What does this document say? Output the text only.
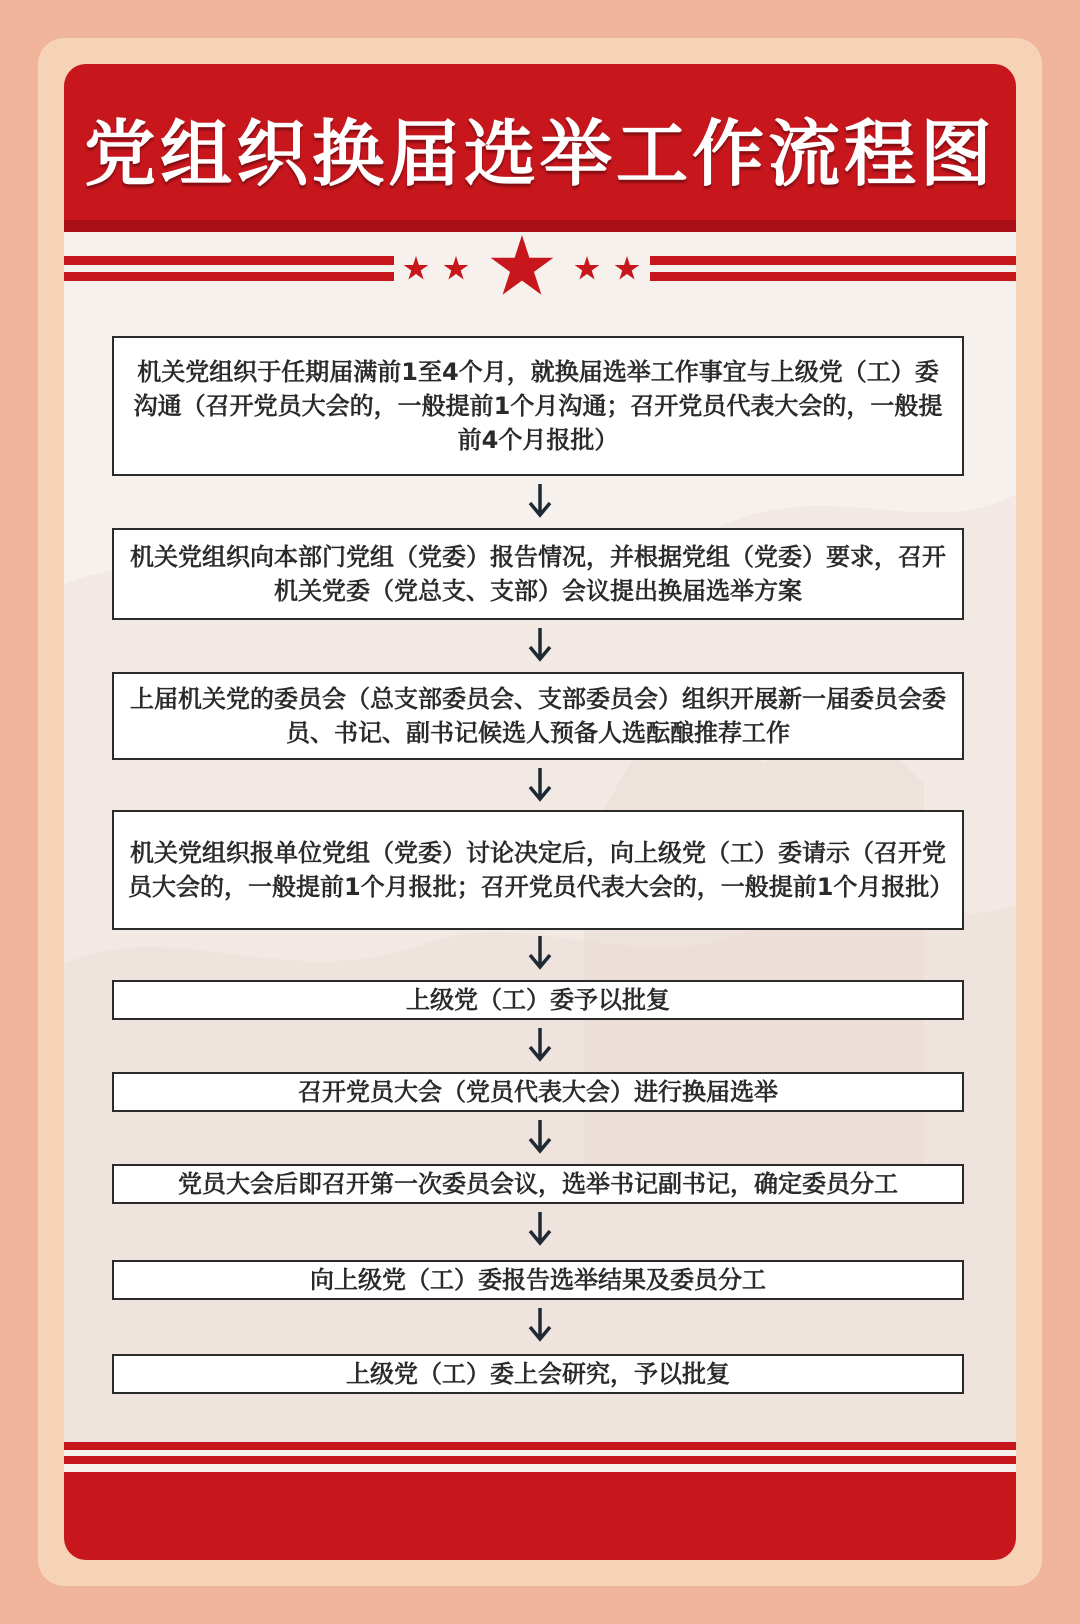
党组织换届选举工作流程图
机关党组织于任期届满前1至4个月，就换届选举工作事宜与上级党（工）委沟通（召开党员大会的，一般提前1个月沟通；召开党员代表大会的，一般提前4个月报批）
机关党组织向本部门党组（党委）报告情况，并根据党组（党委）要求，召开机关党委（党总支、支部）会议提出换届选举方案
上届机关党的委员会（总支部委员会、支部委员会）组织开展新一届委员会委员、书记、副书记候选人预备人选酝酿推荐工作
机关党组织报单位党组（党委）讨论决定后，向上级党（工）委请示（召开党员大会的，一般提前1个月报批；召开党员代表大会的，一般提前1个月报批）
上级党（工）委予以批复
召开党员大会（党员代表大会）进行换届选举
党员大会后即召开第一次委员会议，选举书记副书记，确定委员分工
向上级党（工）委报告选举结果及委员分工
上级党（工）委上会研究，予以批复
